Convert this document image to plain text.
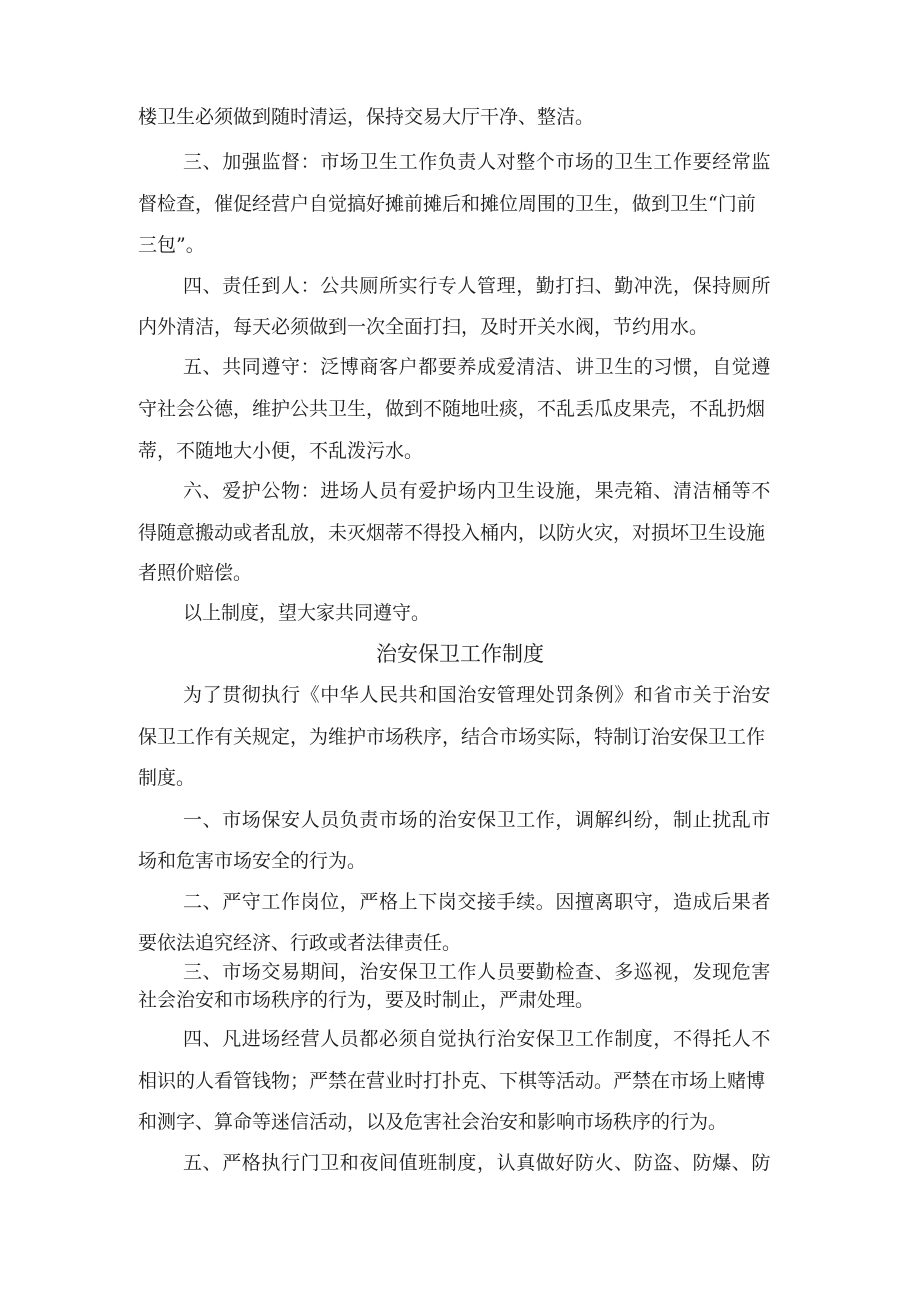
楼卫生必须做到随时清运，保持交易大厅干净、整洁。
三、加强监督：市场卫生工作负责人对整个市场的卫生工作要经常监
督检查，催促经营户自觉搞好摊前摊后和摊位周围的卫生，做到卫生“门前
三包”。
四、责任到人：公共厕所实行专人管理，勤打扫、勤冲洗，保持厕所
内外清洁，每天必须做到一次全面打扫，及时开关水阀，节约用水。
五、共同遵守：泛博商客户都要养成爱清洁、讲卫生的习惯，自觉遵
守社会公德，维护公共卫生，做到不随地吐痰，不乱丢瓜皮果壳，不乱扔烟
蒂，不随地大小便，不乱泼污水。
六、爱护公物：进场人员有爱护场内卫生设施，果壳箱、清洁桶等不
得随意搬动或者乱放，未灭烟蒂不得投入桶内，以防火灾，对损坏卫生设施
者照价赔偿。
以上制度，望大家共同遵守。
治安保卫工作制度
为了贯彻执行《中华人民共和国治安管理处罚条例》和省市关于治安
保卫工作有关规定，为维护市场秩序，结合市场实际，特制订治安保卫工作
制度。
一、市场保安人员负责市场的治安保卫工作，调解纠纷，制止扰乱市
场和危害市场安全的行为。
二、严守工作岗位，严格上下岗交接手续。因擅离职守，造成后果者
要依法追究经济、行政或者法律责任。
三、市场交易期间，治安保卫工作人员要勤检查、多巡视，发现危害
社会治安和市场秩序的行为，要及时制止，严肃处理。
四、凡进场经营人员都必须自觉执行治安保卫工作制度，不得托人不
相识的人看管钱物；严禁在营业时打扑克、下棋等活动。严禁在市场上赌博
和测字、算命等迷信活动，以及危害社会治安和影响市场秩序的行为。
五、严格执行门卫和夜间值班制度，认真做好防火、防盗、防爆、防
